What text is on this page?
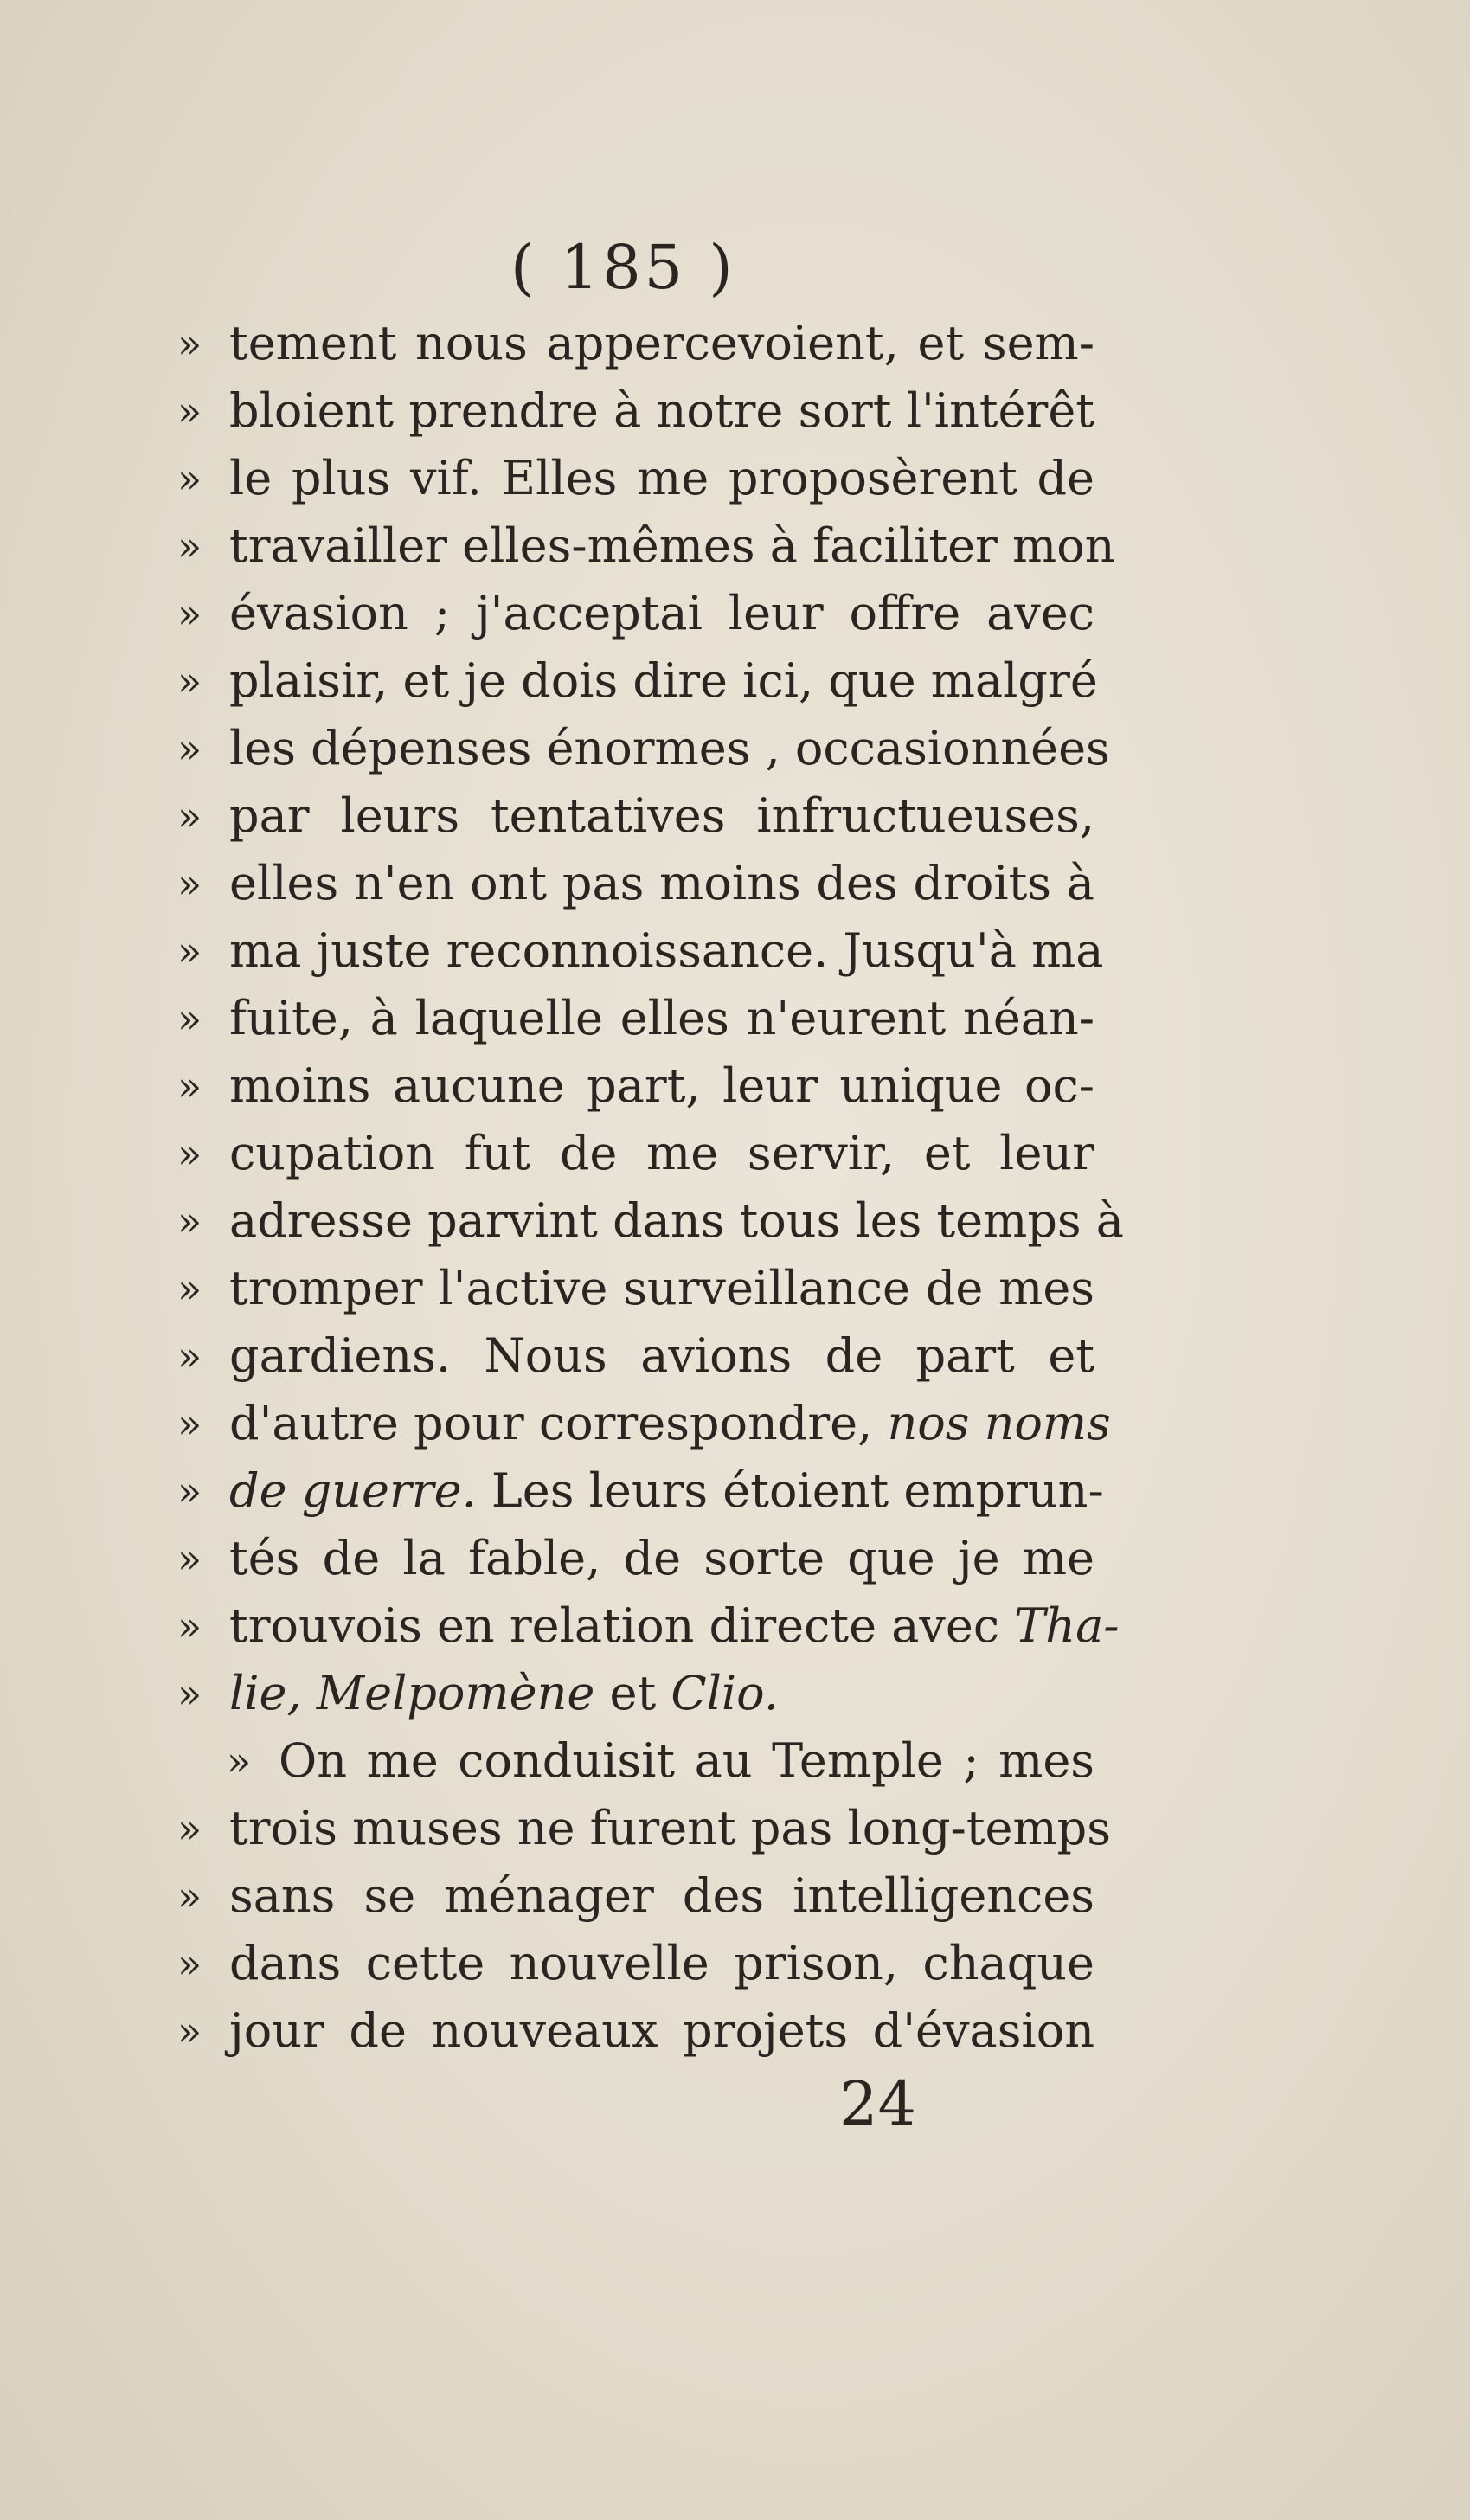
( 185 )
» tement nous appercevoient, et sem-
» bloient prendre à notre sort l'intérêt
» le plus vif. Elles me proposèrent de
» travailler elles-mêmes à faciliter mon
» évasion ; j'acceptai leur offre avec
» plaisir, et je dois dire ici, que malgré
» les dépenses énormes , occasionnées
» par leurs tentatives infructueuses,
» elles n'en ont pas moins des droits à
» ma juste reconnoissance. Jusqu'à ma
» fuite, à laquelle elles n'eurent néan-
» moins aucune part, leur unique oc-
» cupation fut de me servir, et leur
» adresse parvint dans tous les temps à
» tromper l'active surveillance de mes
» gardiens. Nous avions de part et
» d'autre pour correspondre, nos noms
» de guerre. Les leurs étoient emprun-
» tés de la fable, de sorte que je me
» trouvois en relation directe avec Tha-
» lie, Melpomène et Clio.
» On me conduisit au Temple ; mes
» trois muses ne furent pas long-temps
» sans se ménager des intelligences
» dans cette nouvelle prison, chaque
» jour de nouveaux projets d'évasion
24
